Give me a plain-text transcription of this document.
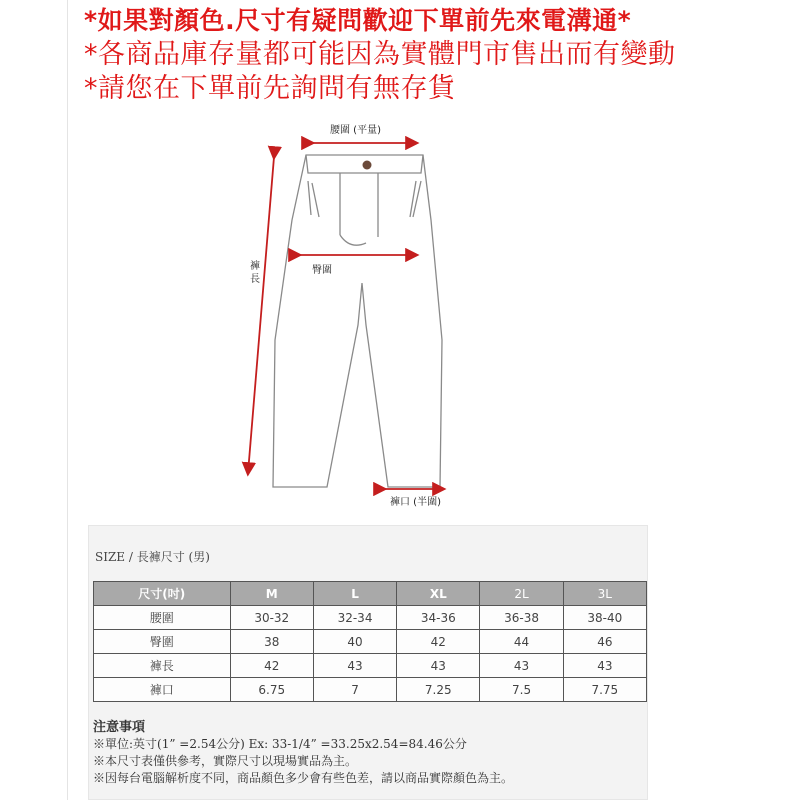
*如果對顏色.尺寸有疑問歡迎下單前先來電溝通*
*各商品庫存量都可能因為實體門市售出而有變動
*請您在下單前先詢問有無存貨
腰圍 (平量)
臀圍
褲
長
褲口 (半圍)
SIZE / 長褲尺寸 (男)
尺寸(吋)	M	L	XL	2L	3L
腰圍	30-32	32-34	34-36	36-38	38-40
臀圍	38	40	42	44	46
褲長	42	43	43	43	43
褲口	6.75	7	7.25	7.5	7.75
注意事項
※單位:英寸(1” =2.54公分) Ex: 33-1/4” =33.25x2.54=84.46公分
※本尺寸表僅供參考，實際尺寸以現場實品為主。
※因每台電腦解析度不同，商品顏色多少會有些色差，請以商品實際顏色為主。
